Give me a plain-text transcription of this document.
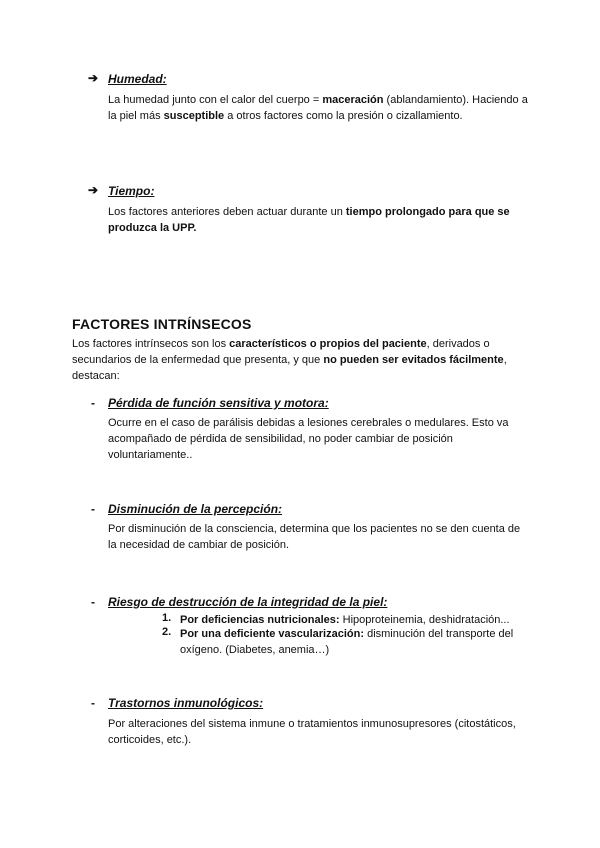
➔ Humedad:
La humedad junto con el calor del cuerpo = maceración (ablandamiento). Haciendo a la piel más susceptible a otros factores como la presión o cizallamiento.
➔ Tiempo:
Los factores anteriores deben actuar durante un tiempo prolongado para que se produzca la UPP.
FACTORES INTRÍNSECOS
Los factores intrínsecos son los característicos o propios del paciente, derivados o secundarios de la enfermedad que presenta, y que no pueden ser evitados fácilmente, destacan:
- Pérdida de función sensitiva y motora:
Ocurre en el caso de parálisis debidas a lesiones cerebrales o medulares. Esto va acompañado de pérdida de sensibilidad, no poder cambiar de posición voluntariamente..
- Disminución de la percepción:
Por disminución de la consciencia, determina que los pacientes no se den cuenta de la necesidad de cambiar de posición.
- Riesgo de destrucción de la integridad de la piel:
1. Por deficiencias nutricionales: Hipoproteinemia, deshidratación...
2. Por una deficiente vascularización: disminución del transporte del oxígeno. (Diabetes, anemia…)
- Trastornos inmunológicos:
Por alteraciones del sistema inmune o tratamientos inmunosupresores (citostáticos, corticoides, etc.).
